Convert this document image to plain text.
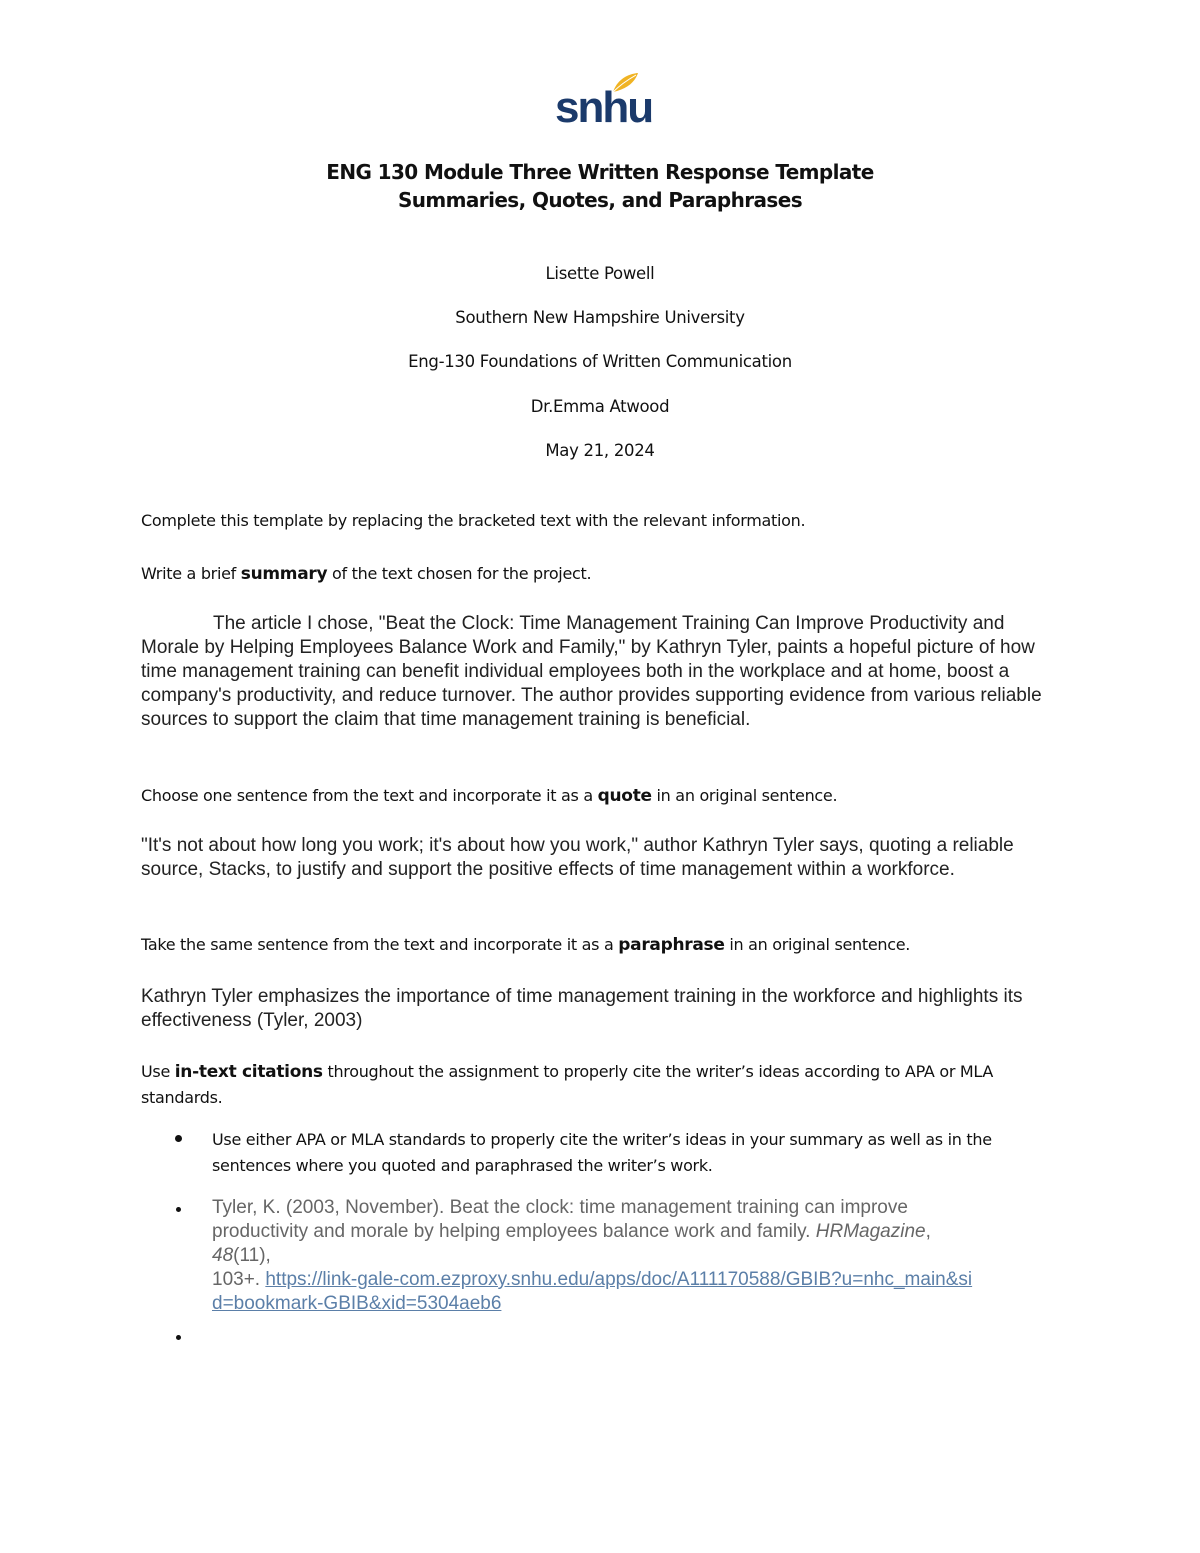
snhu
ENG 130 Module Three Written Response Template
Summaries, Quotes, and Paraphrases
Lisette Powell
Southern New Hampshire University
Eng-130 Foundations of Written Communication
Dr.Emma Atwood
May 21, 2024
Complete this template by replacing the bracketed text with the relevant information.
Write a brief summary of the text chosen for the project.
The article I chose, "Beat the Clock: Time Management Training Can Improve Productivity and Morale by Helping Employees Balance Work and Family," by Kathryn Tyler, paints a hopeful picture of how time management training can benefit individual employees both in the workplace and at home, boost a company's productivity, and reduce turnover. The author provides supporting evidence from various reliable sources to support the claim that time management training is beneficial.
Choose one sentence from the text and incorporate it as a quote in an original sentence.
"It's not about how long you work; it's about how you work," author Kathryn Tyler says, quoting a reliable source, Stacks, to justify and support the positive effects of time management within a workforce.
Take the same sentence from the text and incorporate it as a paraphrase in an original sentence.
Kathryn Tyler emphasizes the importance of time management training in the workforce and highlights its effectiveness (Tyler, 2003)
Use in-text citations throughout the assignment to properly cite the writer’s ideas according to APA or MLA standards.
Use either APA or MLA standards to properly cite the writer’s ideas in your summary as well as in the sentences where you quoted and paraphrased the writer’s work.
Tyler, K. (2003, November). Beat the clock: time management training can improve productivity and morale by helping employees balance work and family. HRMagazine, 48(11),
103+. https://link-gale-com.ezproxy.snhu.edu/apps/doc/A111170588/GBIB?u=nhc_main&sid=bookmark-GBIB&xid=5304aeb6
